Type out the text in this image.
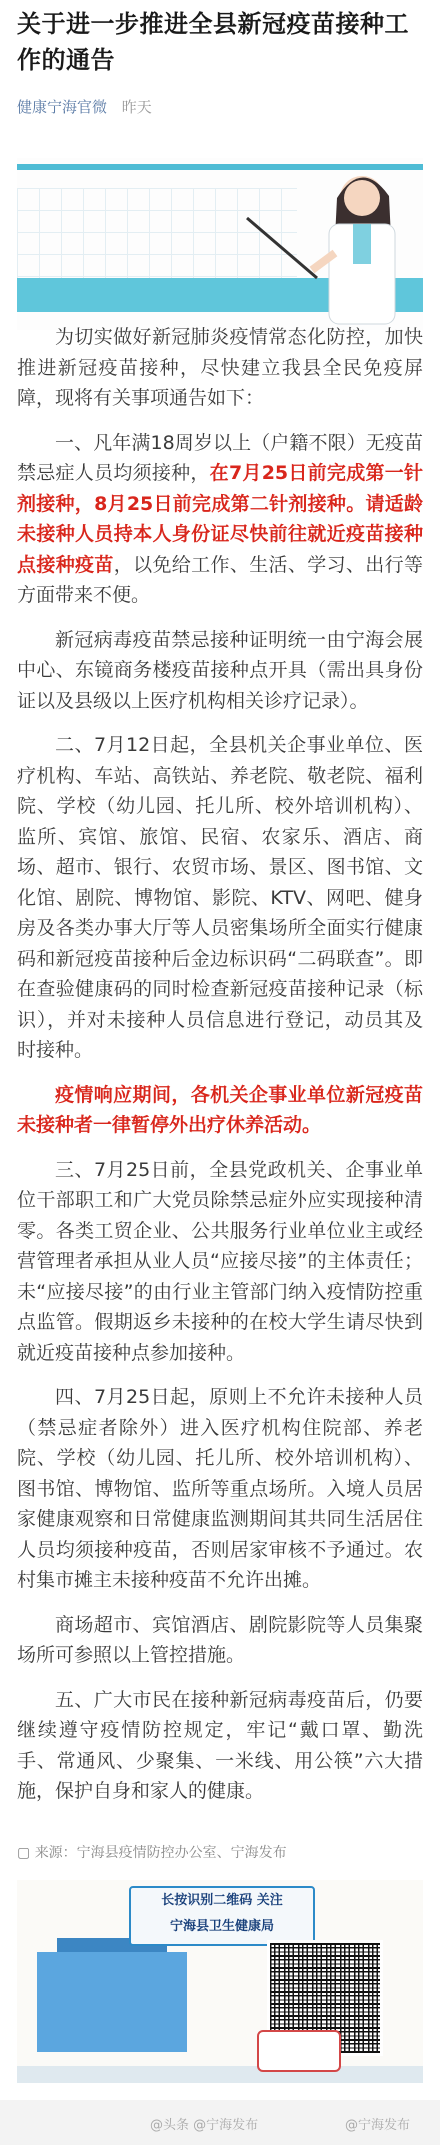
关于进一步推进全县新冠疫苗接种工作的通告
健康宁海官微 昨天

为切实做好新冠肺炎疫情常态化防控，加快推进新冠疫苗接种，尽快建立我县全民免疫屏障，现将有关事项通告如下：

一、凡年满18周岁以上（户籍不限）无疫苗禁忌症人员均须接种，在7月25日前完成第一针剂接种，8月25日前完成第二针剂接种。请适龄未接种人员持本人身份证尽快前往就近疫苗接种点接种疫苗，以免给工作、生活、学习、出行等方面带来不便。

新冠病毒疫苗禁忌接种证明统一由宁海会展中心、东镜商务楼疫苗接种点开具（需出具身份证以及县级以上医疗机构相关诊疗记录）。

二、7月12日起，全县机关企事业单位、医疗机构、车站、高铁站、养老院、敬老院、福利院、学校（幼儿园、托儿所、校外培训机构）、监所、宾馆、旅馆、民宿、农家乐、酒店、商场、超市、银行、农贸市场、景区、图书馆、文化馆、剧院、博物馆、影院、KTV、网吧、健身房及各类办事大厅等人员密集场所全面实行健康码和新冠疫苗接种后金边标识码“二码联查”。即在查验健康码的同时检查新冠疫苗接种记录（标识），并对未接种人员信息进行登记，动员其及时接种。

疫情响应期间，各机关企事业单位新冠疫苗未接种者一律暂停外出疗休养活动。

三、7月25日前，全县党政机关、企事业单位干部职工和广大党员除禁忌症外应实现接种清零。各类工贸企业、公共服务行业单位业主或经营管理者承担从业人员“应接尽接”的主体责任；未“应接尽接”的由行业主管部门纳入疫情防控重点监管。假期返乡未接种的在校大学生请尽快到就近疫苗接种点参加接种。

四、7月25日起，原则上不允许未接种人员（禁忌症者除外）进入医疗机构住院部、养老院、学校（幼儿园、托儿所、校外培训机构）、图书馆、博物馆、监所等重点场所。入境人员居家健康观察和日常健康监测期间其共同生活居住人员均须接种疫苗，否则居家审核不予通过。农村集市摊主未接种疫苗不允许出摊。

商场超市、宾馆酒店、剧院影院等人员集聚场所可参照以上管控措施。

五、广大市民在接种新冠病毒疫苗后，仍要继续遵守疫情防控规定，牢记“戴口罩、勤洗手、常通风、少聚集、一米线、用公筷”六大措施，保护自身和家人的健康。

▢ 来源：宁海县疫情防控办公室、宁海发布
长按识别二维码 关注
宁海县卫生健康局
@头条 @宁海发布	@宁海发布
